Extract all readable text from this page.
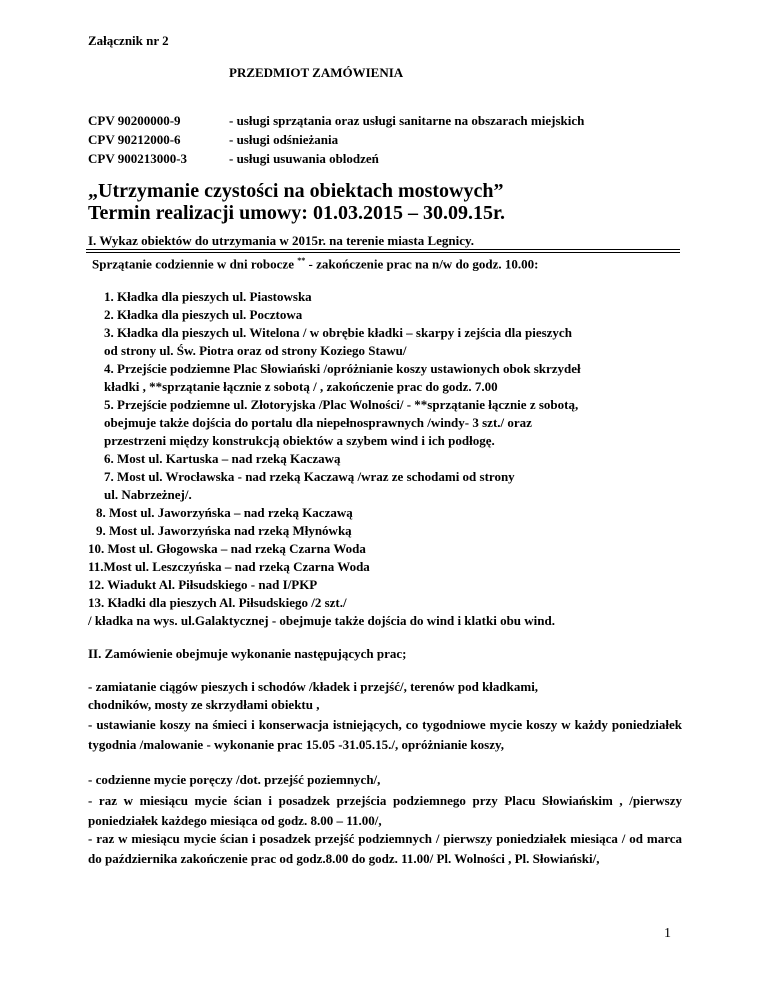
Załącznik nr 2
PRZEDMIOT ZAMÓWIENIA
CPV 90200000-9	- usługi sprzątania oraz usługi sanitarne na obszarach miejskich
CPV 90212000-6	- usługi odśnieżania
CPV 900213000-3	- usługi usuwania oblodzeń
„Utrzymanie czystości na obiektach mostowych”
Termin realizacji umowy: 01.03.2015 – 30.09.15r.
I. Wykaz obiektów do utrzymania w 2015r. na terenie miasta Legnicy.
Sprzątanie codziennie w dni robocze ** - zakończenie prac na n/w do godz. 10.00:
1. Kładka dla pieszych ul. Piastowska
2. Kładka dla pieszych ul. Pocztowa
3. Kładka dla pieszych ul. Witelona / w obrębie kładki – skarpy i zejścia dla pieszych
od strony ul. Św. Piotra oraz od strony Koziego Stawu/
4. Przejście podziemne Plac Słowiański /opróżnianie koszy ustawionych obok skrzydeł
kładki , **sprzątanie łącznie z sobotą / , zakończenie prac do godz. 7.00
5. Przejście podziemne ul. Złotoryjska /Plac Wolności/ - **sprzątanie łącznie z sobotą,
obejmuje także dojścia do portalu dla niepełnosprawnych /windy- 3 szt./ oraz
przestrzeni między konstrukcją obiektów a szybem wind i ich podłogę.
6. Most ul. Kartuska – nad rzeką Kaczawą
7. Most ul. Wrocławska - nad rzeką Kaczawą /wraz ze schodami od strony
ul. Nabrzeżnej/.
8. Most ul. Jaworzyńska – nad rzeką Kaczawą
9. Most ul. Jaworzyńska nad rzeką Młynówką
10. Most ul. Głogowska – nad rzeką Czarna Woda
11.Most ul. Leszczyńska – nad rzeką Czarna Woda
12. Wiadukt Al. Piłsudskiego - nad I/PKP
13. Kładki dla pieszych Al. Piłsudskiego /2 szt./
/ kładka na wys. ul.Galaktycznej - obejmuje także dojścia do wind i klatki obu wind.
II. Zamówienie obejmuje wykonanie następujących prac;
- zamiatanie ciągów pieszych i schodów /kładek i przejść/, terenów pod kładkami,
chodników, mosty ze skrzydłami obiektu ,
- ustawianie koszy na śmieci i konserwacja istniejących, co tygodniowe mycie koszy w każdy poniedziałek tygodnia /malowanie - wykonanie prac 15.05 -31.05.15./, opróżnianie koszy,
- codzienne mycie poręczy /dot. przejść poziemnych/,
- raz w miesiącu mycie ścian i posadzek przejścia podziemnego przy Placu Słowiańskim , /pierwszy poniedziałek każdego miesiąca od godz. 8.00 – 11.00/,
- raz w miesiącu mycie ścian i posadzek przejść podziemnych / pierwszy poniedziałek miesiąca / od marca do października zakończenie prac od godz.8.00 do godz. 11.00/ Pl. Wolności , Pl. Słowiański/,
1
